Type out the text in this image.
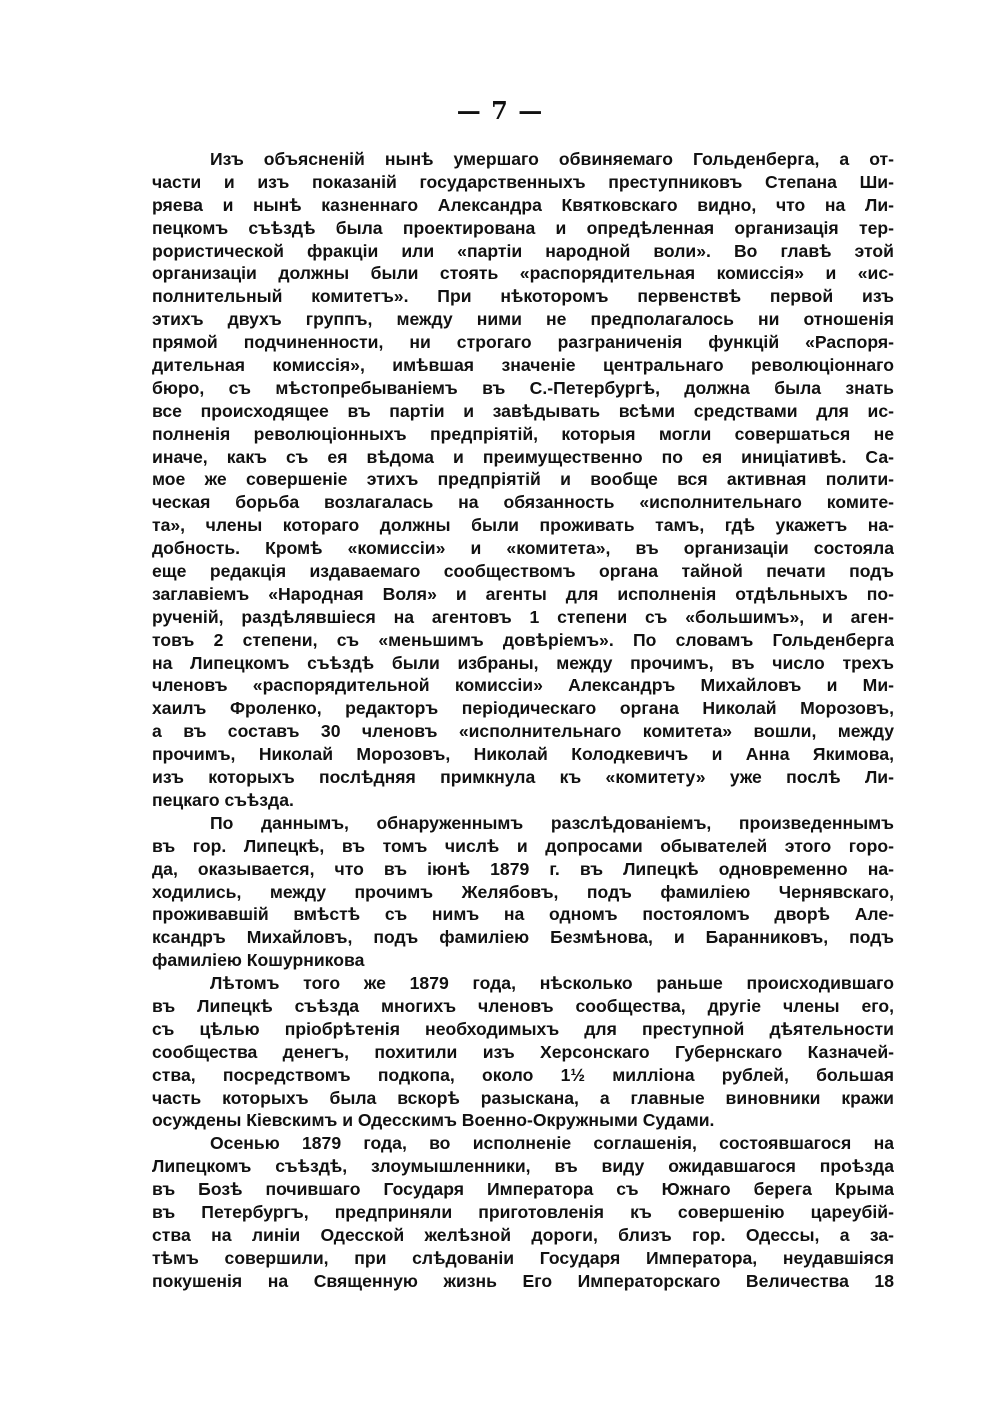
— 7 —
Изъ объясненій нынѣ умершаго обвиняемаго Гольденберга, а от-
части и изъ показаній государственныхъ преступниковъ Степана Ши-
ряева и нынѣ казненнаго Александра Квятковскаго видно, что на Ли-
пецкомъ съѣздѣ была проектирована и опредѣленная организація тер-
рористической фракціи или «партіи народной воли». Во главѣ этой
организаціи должны были стоять «распорядительная комиссія» и «ис-
полнительный комитетъ». При нѣкоторомъ первенствѣ первой изъ
этихъ двухъ группъ, между ними не предполагалось ни отношенія
прямой подчиненности, ни строгаго разграниченія функцій «Распоря-
дительная комиссія», имѣвшая значеніе центральнаго революціоннаго
бюро, съ мѣстопребываніемъ въ С.-Петербургѣ, должна была знать
все происходящее въ партіи и завѣдывать всѣми средствами для ис-
полненія революціонныхъ предпріятій, которыя могли совершаться не
иначе, какъ съ ея вѣдома и преимущественно по ея иниціативѣ. Са-
мое же совершеніе этихъ предпріятій и вообще вся активная полити-
ческая борьба возлагалась на обязанность «исполнительнаго комите-
та», члены котораго должны были проживать тамъ, гдѣ укажетъ на-
добность. Кромѣ «комиссіи» и «комитета», въ организаціи состояла
еще редакція издаваемаго сообществомъ органа тайной печати подъ
заглавіемъ «Народная Воля» и агенты для исполненія отдѣльныхъ по-
рученій, раздѣлявшіеся на агентовъ 1 степени съ «большимъ», и аген-
товъ 2 степени, съ «меньшимъ довѣріемъ». По словамъ Гольденберга
на Липецкомъ съѣздѣ были избраны, между прочимъ, въ число трехъ
членовъ «распорядительной комиссіи» Александръ Михайловъ и Ми-
хаилъ Фроленко, редакторъ періодическаго органа Николай Морозовъ,
а въ составъ 30 членовъ «исполнительнаго комитета» вошли, между
прочимъ, Николай Морозовъ, Николай Колодкевичъ и Анна Якимова,
изъ которыхъ послѣдняя примкнула къ «комитету» уже послѣ Ли-
пецкаго съѣзда.
По даннымъ, обнаруженнымъ разслѣдованіемъ, произведеннымъ
въ гор. Липецкѣ, въ томъ числѣ и допросами обывателей этого горо-
да, оказывается, что въ іюнѣ 1879 г. въ Липецкѣ одновременно на-
ходились, между прочимъ Желябовъ, подъ фамиліею Чернявскаго,
проживавшій вмѣстѣ съ нимъ на одномъ постояломъ дворѣ Але-
ксандръ Михайловъ, подъ фамиліею Безмѣнова, и Баранниковъ, подъ
фамиліею Кошурникова
Лѣтомъ того же 1879 года, нѣсколько раньше происходившаго
въ Липецкѣ съѣзда многихъ членовъ сообщества, другіе члены его,
съ цѣлью пріобрѣтенія необходимыхъ для преступной дѣятельности
сообщества денегъ, похитили изъ Херсонскаго Губернскаго Казначей-
ства, посредствомъ подкопа, около 1½ милліона рублей, большая
часть которыхъ была вскорѣ разыскана, а главные виновники кражи
осуждены Кіевскимъ и Одесскимъ Военно-Окружными Судами.
Осенью 1879 года, во исполненіе соглашенія, состоявшагося на
Липецкомъ съѣздѣ, злоумышленники, въ виду ожидавшагося проѣзда
въ Бозѣ почившаго Государя Императора съ Южнаго берега Крыма
въ Петербургъ, предприняли приготовленія къ совершенію цареубій-
ства на линіи Одесской желѣзной дороги, близъ гор. Одессы, а за-
тѣмъ совершили, при слѣдованіи Государя Императора, неудавшіяся
покушенія на Священную жизнь Его Императорскаго Величества 18
